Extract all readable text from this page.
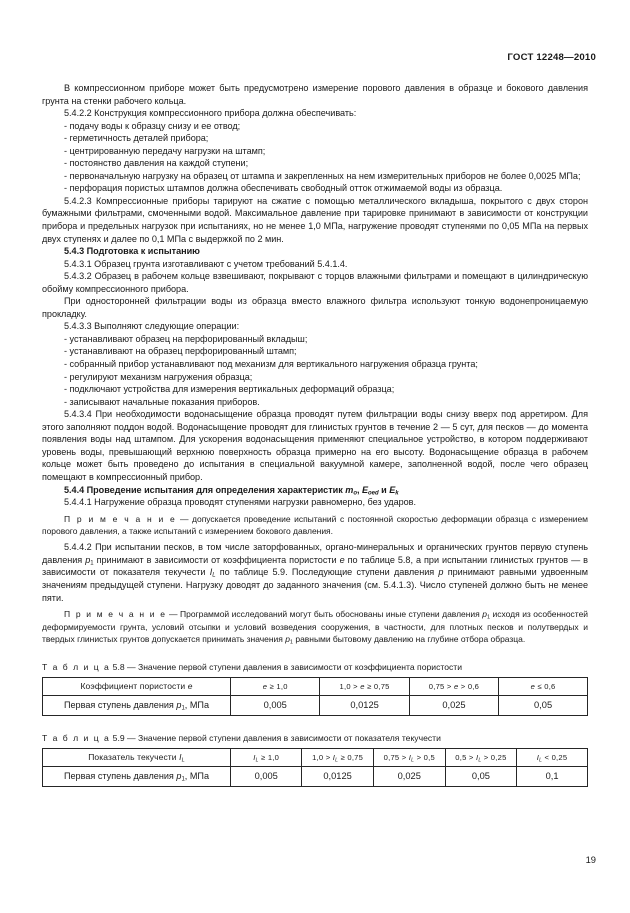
ГОСТ 12248—2010

В компрессионном приборе может быть предусмотрено измерение порового давления в образце и бокового давления грунта на стенки рабочего кольца.

5.4.2.2 Конструкция компрессионного прибора должна обеспечивать:

- подачу воды к образцу снизу и ее отвод;

- герметичность деталей прибора;

- центрированную передачу нагрузки на штамп;

- постоянство давления на каждой ступени;

- первоначальную нагрузку на образец от штампа и закрепленных на нем измерительных приборов не более 0,0025 МПа;

- перфорация пористых штампов должна обеспечивать свободный отток отжимаемой воды из образца.

5.4.2.3 Компрессионные приборы тарируют на сжатие с помощью металлического вкладыша, покрытого с двух сторон бумажными фильтрами, смоченными водой. Максимальное давление при тарировке принимают в зависимости от конструкции прибора и предельных нагрузок при испытаниях, но не менее 1,0 МПа, нагружение проводят ступенями по 0,05 МПа на первых двух ступенях и далее по 0,1 МПа с выдержкой по 2 мин.

5.4.3 Подготовка к испытанию

5.4.3.1 Образец грунта изготавливают с учетом требований 5.4.1.4.

5.4.3.2 Образец в рабочем кольце взвешивают, покрывают с торцов влажными фильтрами и помещают в цилиндрическую обойму компрессионного прибора.

При односторонней фильтрации воды из образца вместо влажного фильтра используют тонкую водонепроницаемую прокладку.

5.4.3.3 Выполняют следующие операции:

- устанавливают образец на перфорированный вкладыш;

- устанавливают на образец перфорированный штамп;

- собранный прибор устанавливают под механизм для вертикального нагружения образца грунта;

- регулируют механизм нагружения образца;

- подключают устройства для измерения вертикальных деформаций образца;

- записывают начальные показания приборов.

5.4.3.4 При необходимости водонасыщение образца проводят путем фильтрации воды снизу вверх под арретиром. Для этого заполняют поддон водой. Водонасыщение проводят для глинистых грунтов в течение 2 — 5 сут, для песков — до момента появления воды над штампом. Для ускорения водонасыщения применяют специальное устройство, в котором поддерживают уровень воды, превышающий верхнюю поверхность образца примерно на его высоту. Водонасыщение образца в рабочем кольце может быть проведено до испытания в специальной вакуумной камере, заполненной водой, после чего образец помещают в компрессионный прибор.

5.4.4 Проведение испытания для определения характеристик $m_o$, $E_{oed}$ и $E_k$

5.4.4.1 Нагружение образца проводят ступенями нагрузки равномерно, без ударов.

П р и м е ч а н и е — допускается проведение испытаний с постоянной скоростью деформации образца с измерением порового давления, а также испытаний с измерением бокового давления.

5.4.4.2 При испытании песков, в том числе заторфованных, органо-минеральных и органических грунтов первую ступень давления $p_1$ принимают в зависимости от коэффициента пористости e по таблице 5.8, а при испытании глинистых грунтов — в зависимости от показателя текучести $I_L$ по таблице 5.9. Последующие ступени давления p принимают равными удвоенным значениям предыдущей ступени. Нагрузку доводят до заданного значения (см. 5.4.1.3). Число ступеней должно быть не менее пяти.

П р и м е ч а н и е — Программой исследований могут быть обоснованы иные ступени давления $p_1$ исходя из особенностей деформируемости грунта, условий отсыпки и условий возведения сооружения, в частности, для плотных песков и полутвердых и твердых глинистых грунтов допускается принимать значения $p_1$ равными бытовому давлению на глубине отбора образца.

Т а б л и ц а 5.8 — Значение первой ступени давления в зависимости от коэффициента пористости
Коэффициент пористости e	e ≥ 1,0	1,0 > e ≥ 0,75	0,75 > e > 0,6	e ≤ 0,6
Первая ступень давления $p_1$, МПа	0,005	0,0125	0,025	0,05
Т а б л и ц а 5.9 — Значение первой ступени давления в зависимости от показателя текучести
Показатель текучести $I_L$	$I_L \ge 1,0$	$1,0 > I_L \ge 0,75$	$0,75 > I_L > 0,5$	$0,5 > I_L > 0,25$	$I_L < 0,25$
Первая ступень давления $p_1$, МПа	0,005	0,0125	0,025	0,05	0,1
19
